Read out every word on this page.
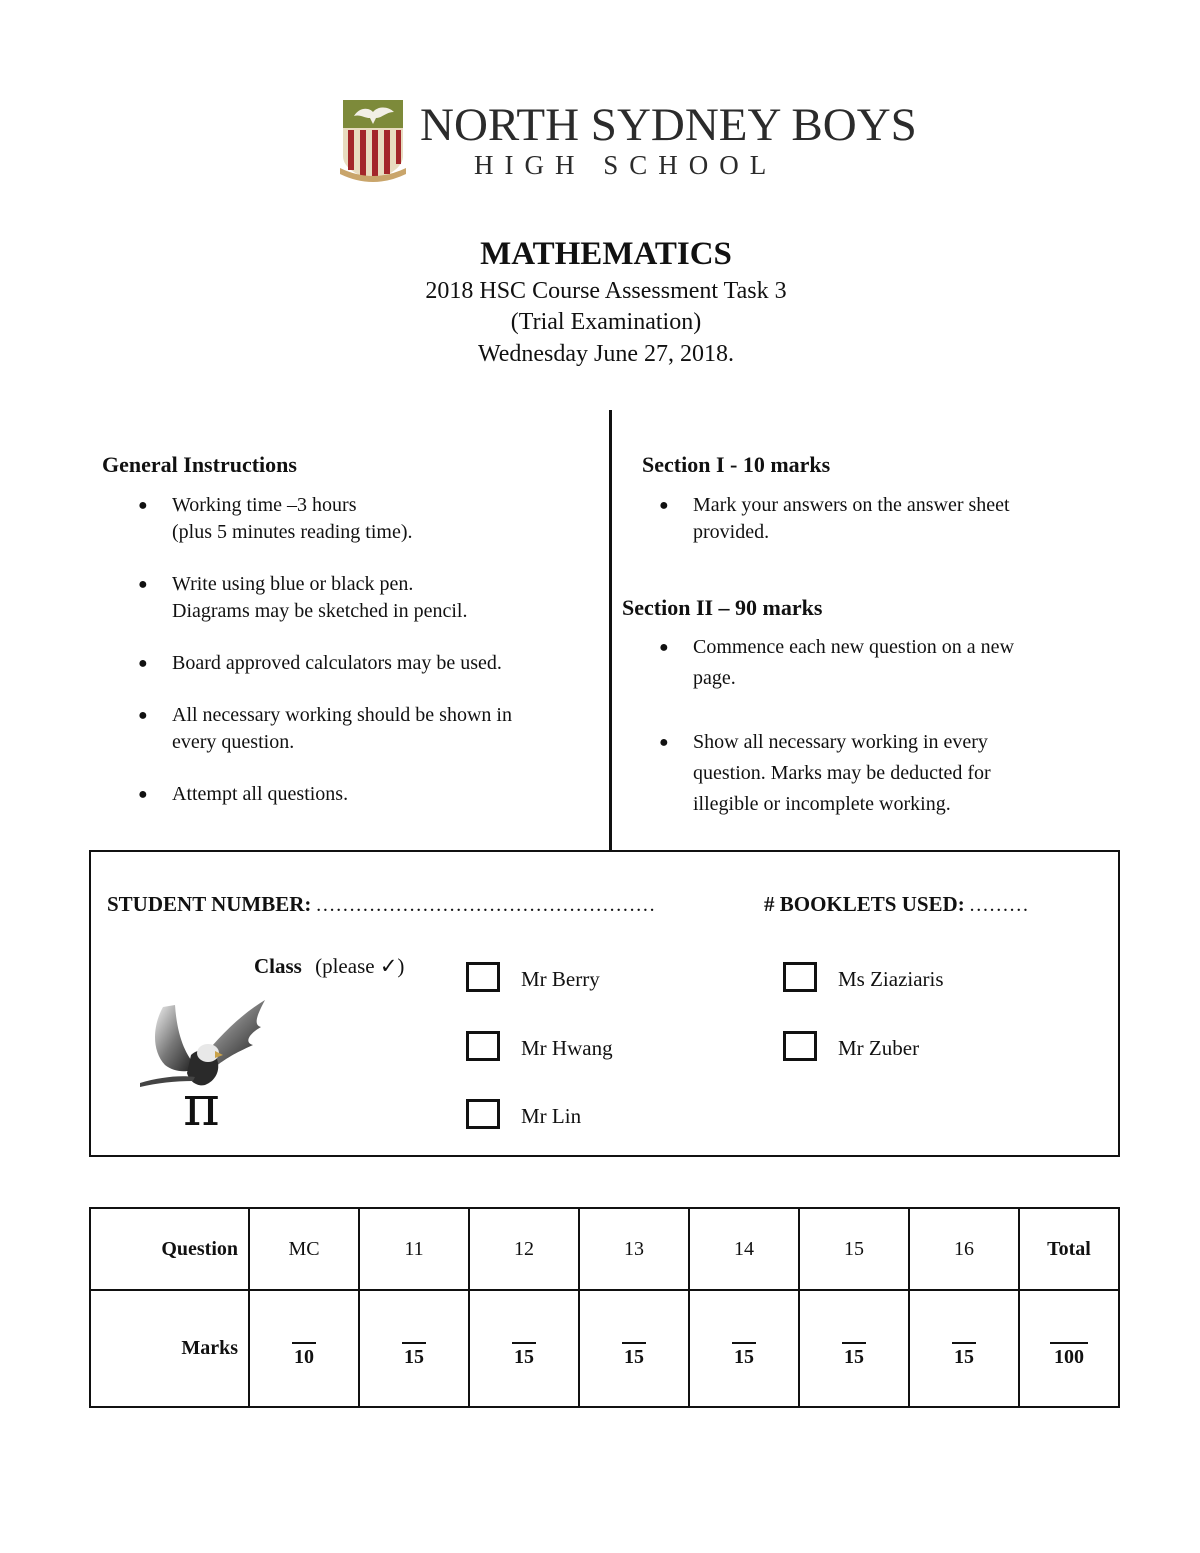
NORTH SYDNEY BOYS
HIGH SCHOOL
MATHEMATICS
2018 HSC Course Assessment Task 3
(Trial Examination)
Wednesday June 27, 2018.
General Instructions
● Working time –3 hours
(plus 5 minutes reading time).
● Write using blue or black pen.
Diagrams may be sketched in pencil.
● Board approved calculators may be used.
● All necessary working should be shown in
every question.
● Attempt all questions.
Section I - 10 marks
● Mark your answers on the answer sheet
provided.
Section II – 90 marks
● Commence each new question on a new
page.
● Show all necessary working in every
question. Marks may be deducted for
illegible or incomplete working.
STUDENT NUMBER: ……………………………………………	# BOOKLETS USED: ………
Class (please ✓)
π
Mr Berry	Ms Ziaziaris
Mr Hwang	Mr Zuber
Mr Lin
Question	MC	11	12	13	14	15	16	Total
Marks	10	15	15	15	15	15	15	100
